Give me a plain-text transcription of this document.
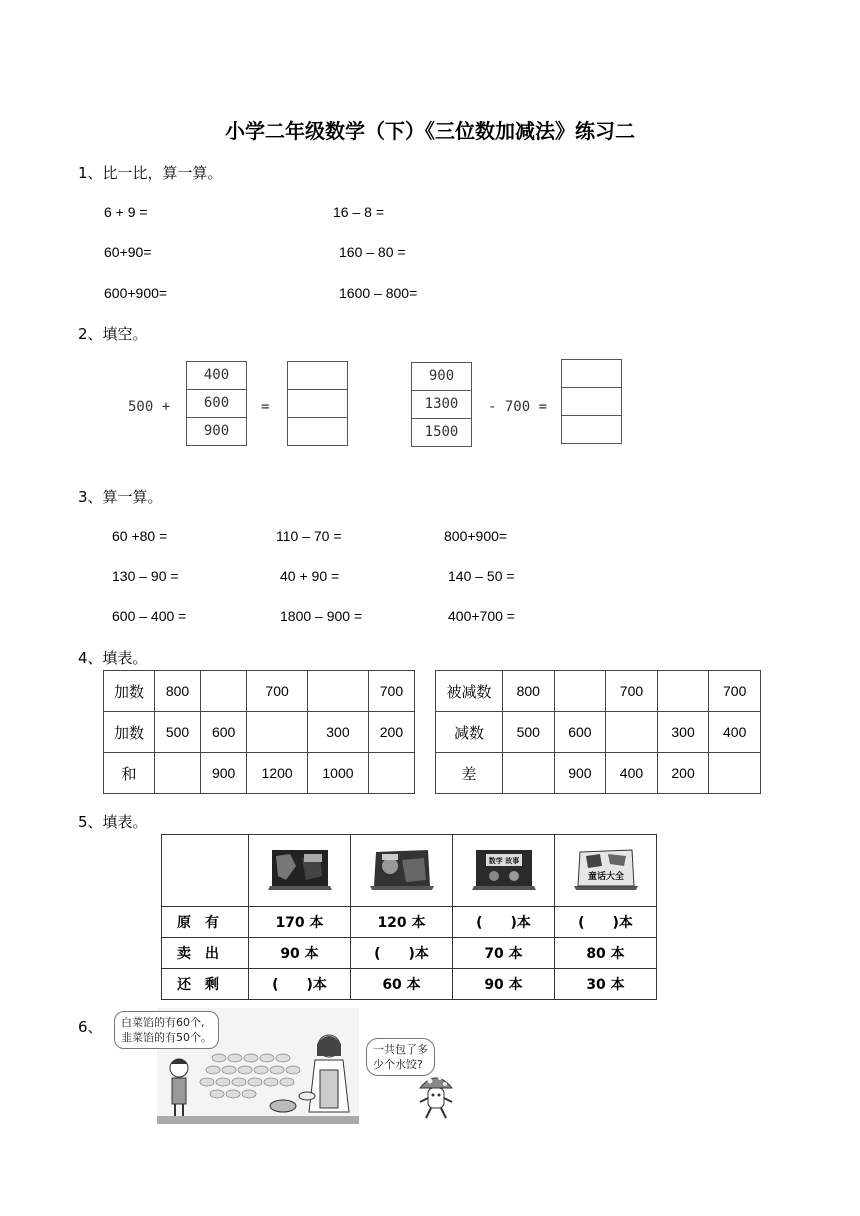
小学二年级数学（下）《三位数加减法》练习二
1、比一比，算一算。
6 + 9 =	16 – 8 =
60+90=	160 – 80 =
600+900=	1600 – 800=
2、填空。
500 +
400
600
900
=
900
1300
1500
- 700 =
3、算一算。
60 +80 =	110 – 70 =	800+900=
130 – 90 =	40 + 90 =	140 – 50 =
600 – 400 =	1800 – 900 =	400+700 =
4、填表。
加数	800		700		700
加数	500	600		300	200
和		900	1200	1000	
被减数	800		700		700
减数	500	600		300	400
差		900	400	200	
5、填表。

数学 故事	童话大全

原有	170 本	120 本	(　　)本	(　　)本
卖出	90 本	(　　)本	70 本	80 本
还剩	(　　)本	60 本	90 本	30 本
6、 白菜馅的有60个,
韭菜馅的有50个。
一共包了多
少个水饺?
